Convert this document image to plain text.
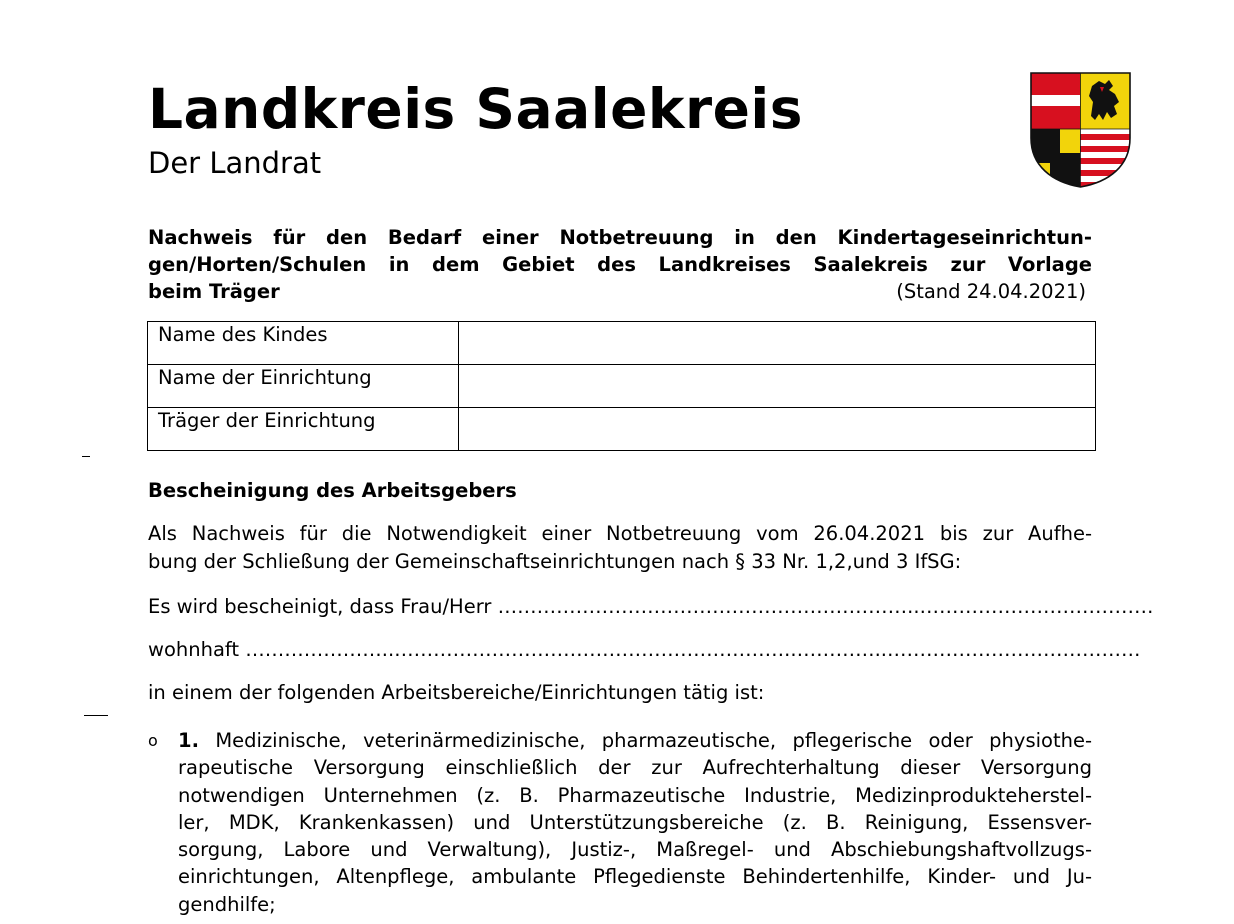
Landkreis Saalekreis
Der Landrat
Nachweis für den Bedarf einer Notbetreuung in den Kindertageseinrichtun-
gen/Horten/Schulen in dem Gebiet des Landkreises Saalekreis zur Vorlage
beim Träger	(Stand 24.04.2021)
Name des Kindes	
Name der Einrichtung	
Träger der Einrichtung	
Bescheinigung des Arbeitsgebers
Als Nachweis für die Notwendigkeit einer Notbetreuung vom 26.04.2021 bis zur Aufhe-
bung der Schließung der Gemeinschaftseinrichtungen nach § 33 Nr. 1,2,und 3 IfSG:
Es wird bescheinigt, dass Frau/Herr ………………………………………………………..………………………………
wohnhaft …………………..……………………………………………………..…………..…………………………………
in einem der folgenden Arbeitsbereiche/Einrichtungen tätig ist:
o 1. Medizinische, veterinärmedizinische, pharmazeutische, pflegerische oder physiothe-
rapeutische Versorgung einschließlich der zur Aufrechterhaltung dieser Versorgung
notwendigen Unternehmen (z. B. Pharmazeutische Industrie, Medizinprodukteherstel-
ler, MDK, Krankenkassen) und Unterstützungsbereiche (z. B. Reinigung, Essensver-
sorgung, Labore und Verwaltung), Justiz-, Maßregel- und Abschiebungshaftvollzugs-
einrichtungen, Altenpflege, ambulante Pflegedienste Behindertenhilfe, Kinder- und Ju-
gendhilfe;
